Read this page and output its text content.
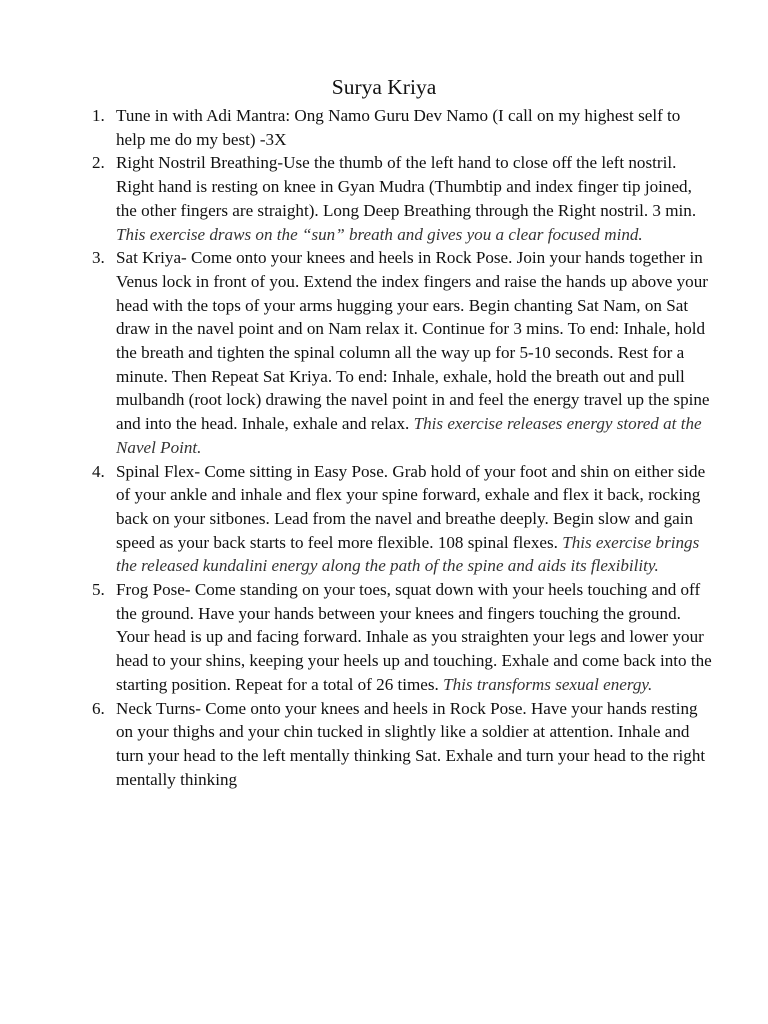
Surya Kriya
1. Tune in with Adi Mantra: Ong Namo Guru Dev Namo (I call on my highest self to help me do my best) -3X
2. Right Nostril Breathing-Use the thumb of the left hand to close off the left nostril. Right hand is resting on knee in Gyan Mudra (Thumbtip and index finger tip joined, the other fingers are straight). Long Deep Breathing through the Right nostril. 3 min. This exercise draws on the “sun” breath and gives you a clear focused mind.
3. Sat Kriya- Come onto your knees and heels in Rock Pose. Join your hands together in Venus lock in front of you. Extend the index fingers and raise the hands up above your head with the tops of your arms hugging your ears. Begin chanting Sat Nam, on Sat draw in the navel point and on Nam relax it. Continue for 3 mins. To end: Inhale, hold the breath and tighten the spinal column all the way up for 5-10 seconds. Rest for a minute. Then Repeat Sat Kriya. To end: Inhale, exhale, hold the breath out and pull mulbandh (root lock) drawing the navel point in and feel the energy travel up the spine and into the head. Inhale, exhale and relax. This exercise releases energy stored at the Navel Point.
4. Spinal Flex- Come sitting in Easy Pose. Grab hold of your foot and shin on either side of your ankle and inhale and flex your spine forward, exhale and flex it back, rocking back on your sitbones. Lead from the navel and breathe deeply. Begin slow and gain speed as your back starts to feel more flexible. 108 spinal flexes. This exercise brings the released kundalini energy along the path of the spine and aids its flexibility.
5. Frog Pose- Come standing on your toes, squat down with your heels touching and off the ground. Have your hands between your knees and fingers touching the ground. Your head is up and facing forward. Inhale as you straighten your legs and lower your head to your shins, keeping your heels up and touching. Exhale and come back into the starting position. Repeat for a total of 26 times. This transforms sexual energy.
6. Neck Turns- Come onto your knees and heels in Rock Pose. Have your hands resting on your thighs and your chin tucked in slightly like a soldier at attention. Inhale and turn your head to the left mentally thinking Sat. Exhale and turn your head to the right mentally thinking
